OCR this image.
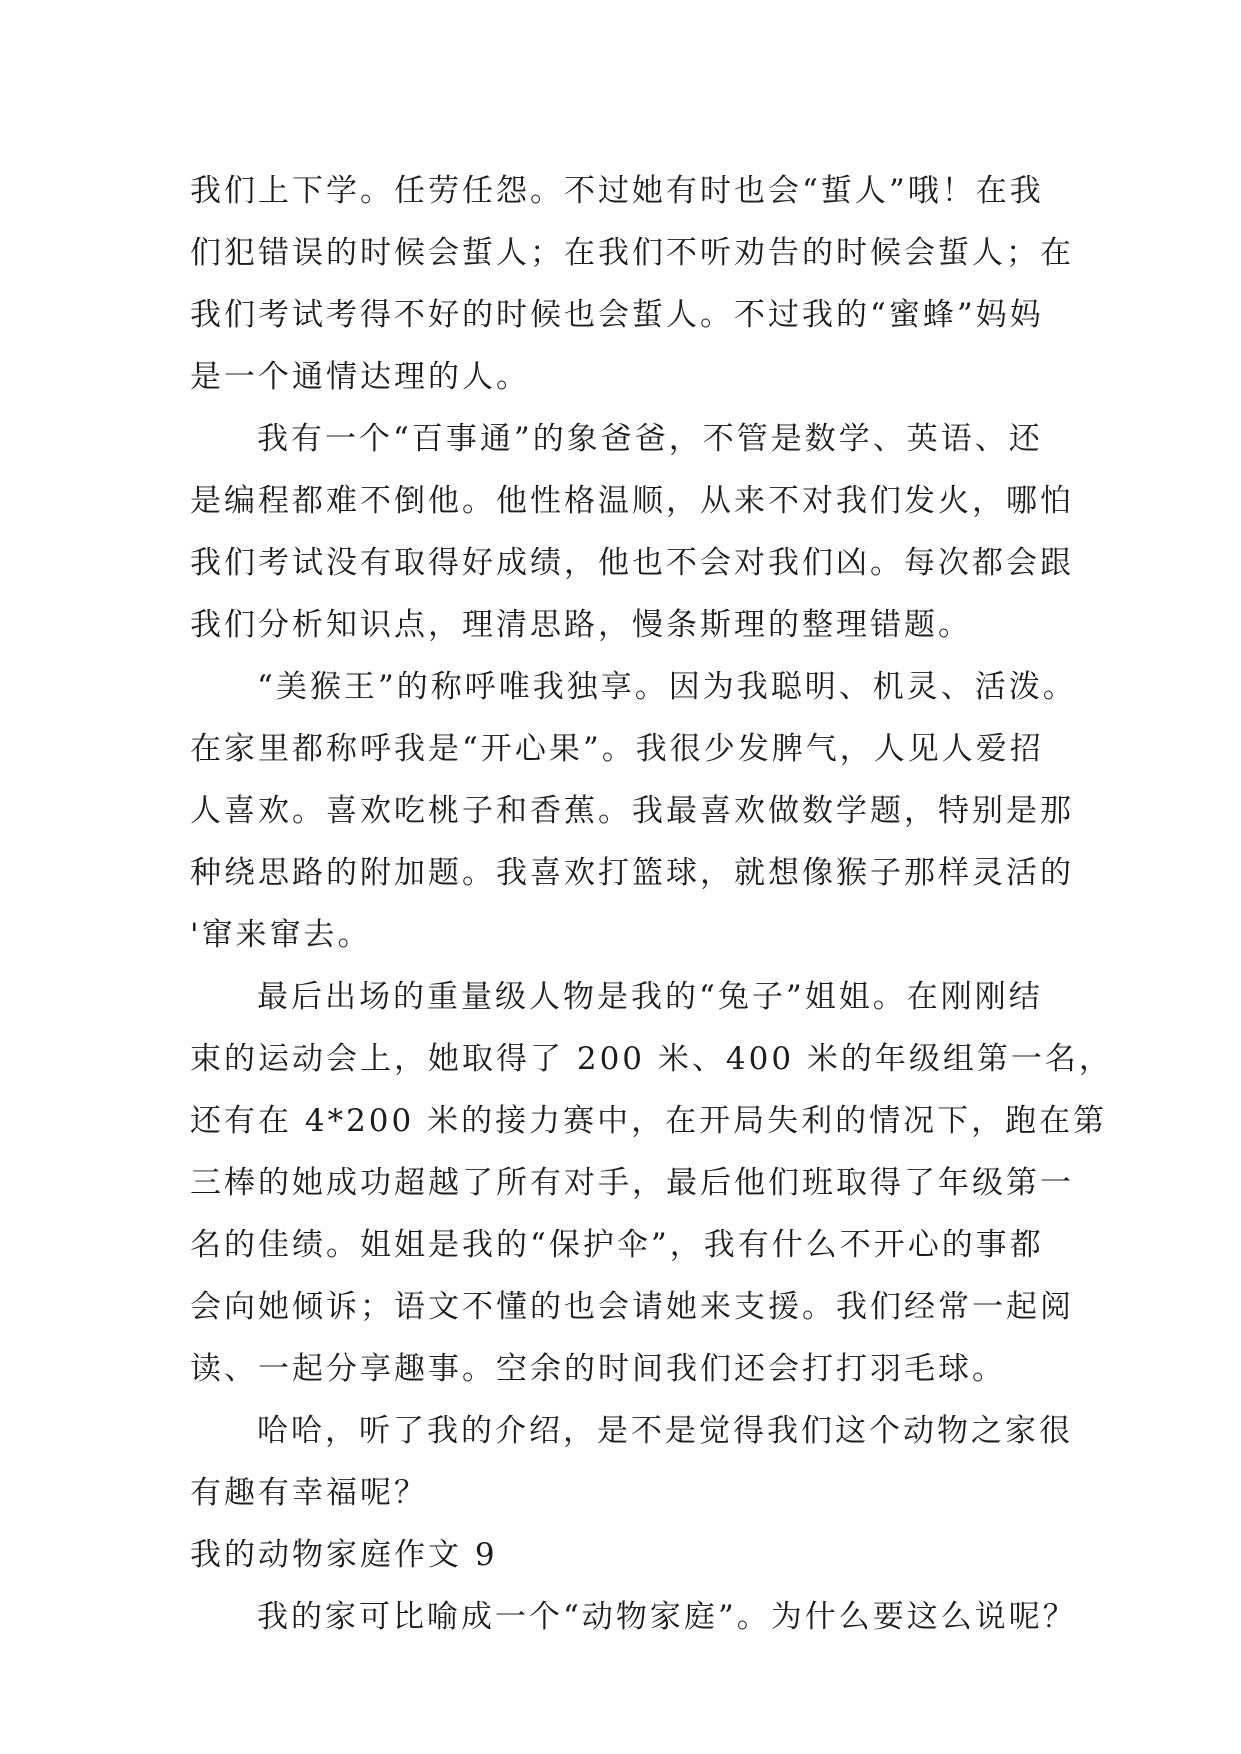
我们上下学。任劳任怨。不过她有时也会“蜇人”哦！在我
们犯错误的时候会蜇人；在我们不听劝告的时候会蜇人；在
我们考试考得不好的时候也会蜇人。不过我的“蜜蜂”妈妈
是一个通情达理的人。
我有一个“百事通”的象爸爸，不管是数学、英语、还
是编程都难不倒他。他性格温顺，从来不对我们发火，哪怕
我们考试没有取得好成绩，他也不会对我们凶。每次都会跟
我们分析知识点，理清思路，慢条斯理的整理错题。
“美猴王”的称呼唯我独享。因为我聪明、机灵、活泼。
在家里都称呼我是“开心果”。我很少发脾气，人见人爱招
人喜欢。喜欢吃桃子和香蕉。我最喜欢做数学题，特别是那
种绕思路的附加题。我喜欢打篮球，就想像猴子那样灵活的
'窜来窜去。
最后出场的重量级人物是我的“兔子”姐姐。在刚刚结
束的运动会上，她取得了 200 米、400 米的年级组第一名，
还有在 4*200 米的接力赛中，在开局失利的情况下，跑在第
三棒的她成功超越了所有对手，最后他们班取得了年级第一
名的佳绩。姐姐是我的“保护伞”，我有什么不开心的事都
会向她倾诉；语文不懂的也会请她来支援。我们经常一起阅
读、一起分享趣事。空余的时间我们还会打打羽毛球。
哈哈，听了我的介绍，是不是觉得我们这个动物之家很
有趣有幸福呢？
我的动物家庭作文 9
我的家可比喻成一个“动物家庭”。为什么要这么说呢？
